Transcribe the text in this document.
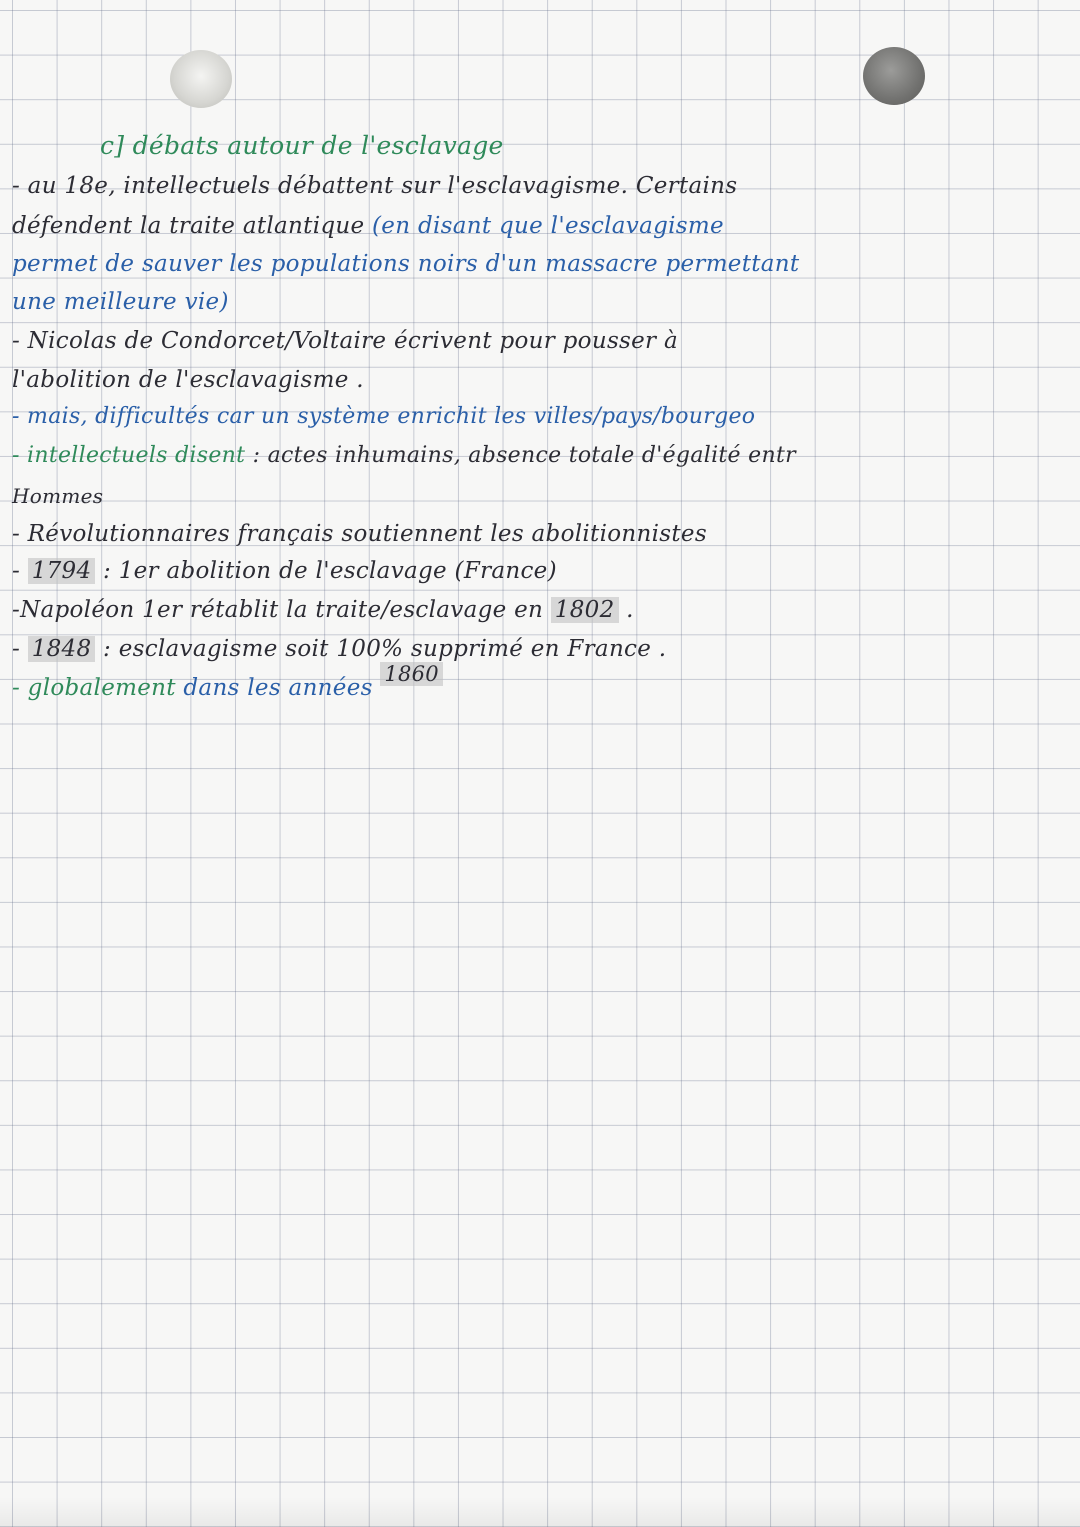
c] débats autour de l'esclavage
- au 18e, intellectuels débattent sur l'esclavagisme. Certains
défendent la traite atlantique (en disant que l'esclavagisme
permet de sauver les populations noirs d'un massacre permettant
une meilleure vie)
- Nicolas de Condorcet/Voltaire écrivent pour pousser à
l'abolition de l'esclavagisme .
- mais, difficultés car un système enrichit les villes/pays/bourgeo
- intellectuels disent : actes inhumains, absence totale d'égalité entr
Hommes
- Révolutionnaires français soutiennent les abolitionnistes
- 1794 : 1er abolition de l'esclavage (France)
-Napoléon 1er rétablit la traite/esclavage en 1802 .
- 1848 : esclavagisme soit 100% supprimé en France .
- globalement dans les années 1860
